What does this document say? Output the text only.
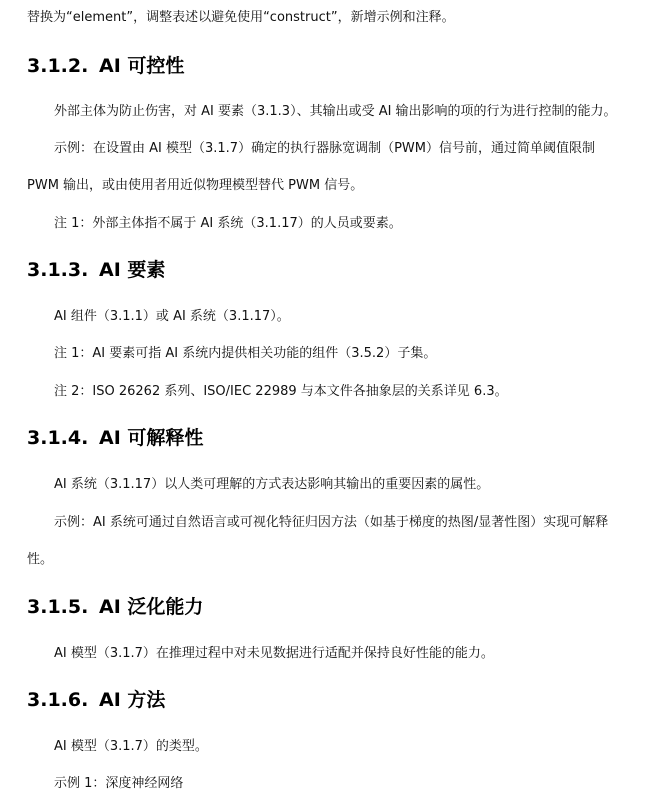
替换为“element”，调整表述以避免使用“construct”，新增示例和注释。
3.1.2. AI 可控性
外部主体为防止伤害，对 AI 要素（3.1.3）、其输出或受 AI 输出影响的项的行为进行控制的能力。
示例：在设置由 AI 模型（3.1.7）确定的执行器脉宽调制（PWM）信号前，通过简单阈值限制
PWM 输出，或由使用者用近似物理模型替代 PWM 信号。
注 1：外部主体指不属于 AI 系统（3.1.17）的人员或要素。
3.1.3. AI 要素
AI 组件（3.1.1）或 AI 系统（3.1.17）。
注 1：AI 要素可指 AI 系统内提供相关功能的组件（3.5.2）子集。
注 2：ISO 26262 系列、ISO/IEC 22989 与本文件各抽象层的关系详见 6.3。
3.1.4. AI 可解释性
AI 系统（3.1.17）以人类可理解的方式表达影响其输出的重要因素的属性。
示例：AI 系统可通过自然语言或可视化特征归因方法（如基于梯度的热图/显著性图）实现可解释
性。
3.1.5. AI 泛化能力
AI 模型（3.1.7）在推理过程中对未见数据进行适配并保持良好性能的能力。
3.1.6. AI 方法
AI 模型（3.1.7）的类型。
示例 1：深度神经网络
